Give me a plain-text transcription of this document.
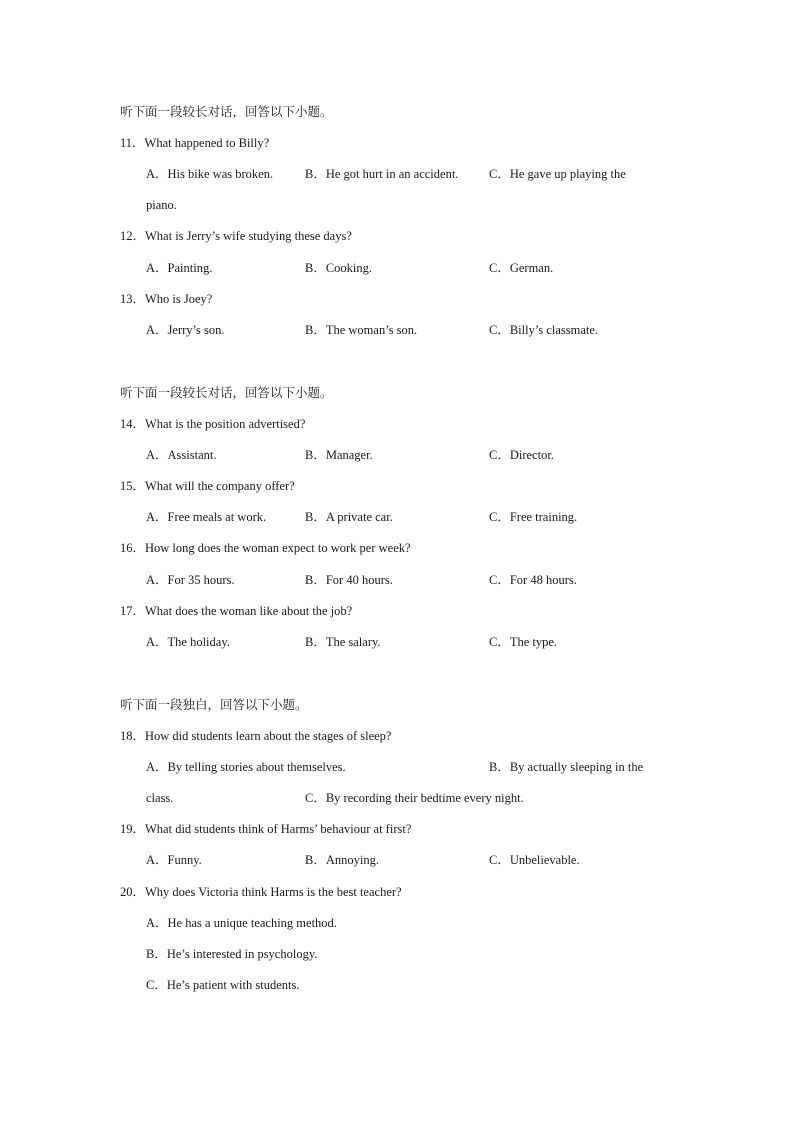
听下面一段较长对话，回答以下小题。
11．What happened to Billy?
A．His bike was broken.	B．He got hurt in an accident. C．He gave up playing the
piano.
12．What is Jerry’s wife studying these days?
A．Painting.	B．Cooking.	C．German.
13．Who is Joey?
A．Jerry’s son.	B．The woman’s son.	C．Billy’s classmate.
听下面一段较长对话，回答以下小题。
14．What is the position advertised?
A．Assistant.	B．Manager.	C．Director.
15．What will the company offer?
A．Free meals at work.	B．A private car.	C．Free training.
16．How long does the woman expect to work per week?
A．For 35 hours.	B．For 40 hours.	C．For 48 hours.
17．What does the woman like about the job?
A．The holiday.	B．The salary.	C．The type.
听下面一段独白，回答以下小题。
18．How did students learn about the stages of sleep?
A．By telling stories about themselves.	B．By actually sleeping in the
class.	C．By recording their bedtime every night.
19．What did students think of Harms’ behaviour at first?
A．Funny.	B．Annoying.	C．Unbelievable.
20．Why does Victoria think Harms is the best teacher?
A．He has a unique teaching method.
B．He’s interested in psychology.
C．He’s patient with students.
